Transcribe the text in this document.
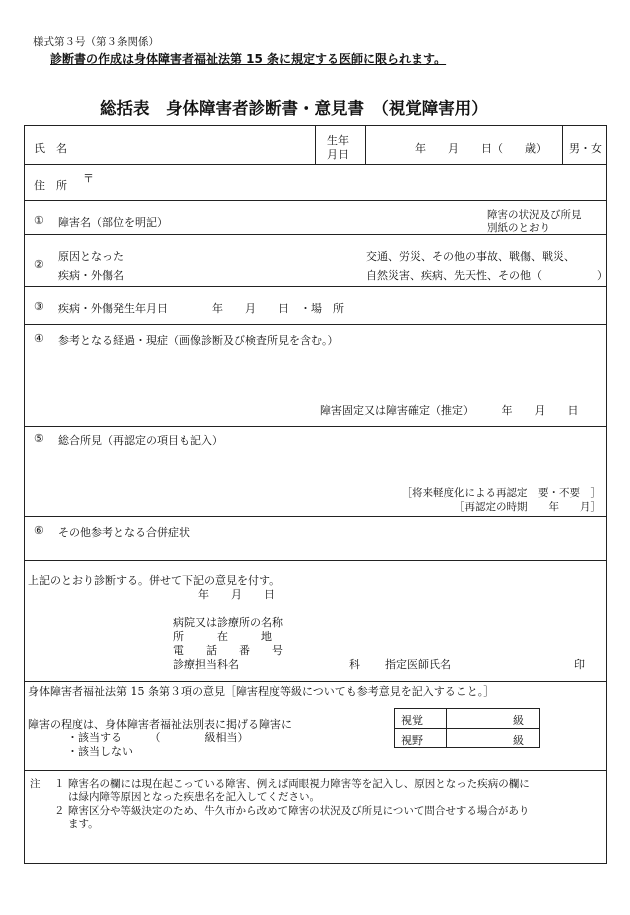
様式第３号（第３条関係）
診断書の作成は身体障害者福祉法第 15 条に規定する医師に限られます。
総括表　身体障害者診断書・意見書　（視覚障害用）
氏　名
生年
月日	年　　月　　日（　　歳） 男・女
住　所
〒
① 障害名（部位を明記）
障害の状況及び所見
別紙のとおり
②
原因となった
疾病・外傷名
交通、労災、その他の事故、戦傷、戦災、
自然災害、疾病、先天性、その他（　　　　　）
③ 疾病・外傷発生年月日　　　　年　　月　　日　・場　所
④ 参考となる経過・現症（画像診断及び検査所見を含む。）
障害固定又は障害確定（推定）　　　年　　月　　日
⑤ 総合所見（再認定の項目も記入）
［将来軽度化による再認定　要・不要　］
［再認定の時期　　年　　月］
⑥ その他参考となる合併症状
上記のとおり診断する。併せて下記の意見を付す。
年　　月　　日
病院又は診療所の名称
所　　　在　　　地
電　　話　　番　　号
診療担当科名	科 指定医師氏名	印
身体障害者福祉法第 15 条第３項の意見［障害程度等級についても参考意見を記入すること。］
障害の程度は、身体障害者福祉法別表に掲げる障害に
・該当する　　　（　　　　級相当）
・該当しない
視覚	級
視野	級
注 １ 障害名の欄には現在起こっている障害、例えば両眼視力障害等を記入し、原因となった疾病の欄に
は緑内障等原因となった疾患名を記入してください。
２ 障害区分や等級決定のため、牛久市から改めて障害の状況及び所見について問合せする場合があり
ます。
